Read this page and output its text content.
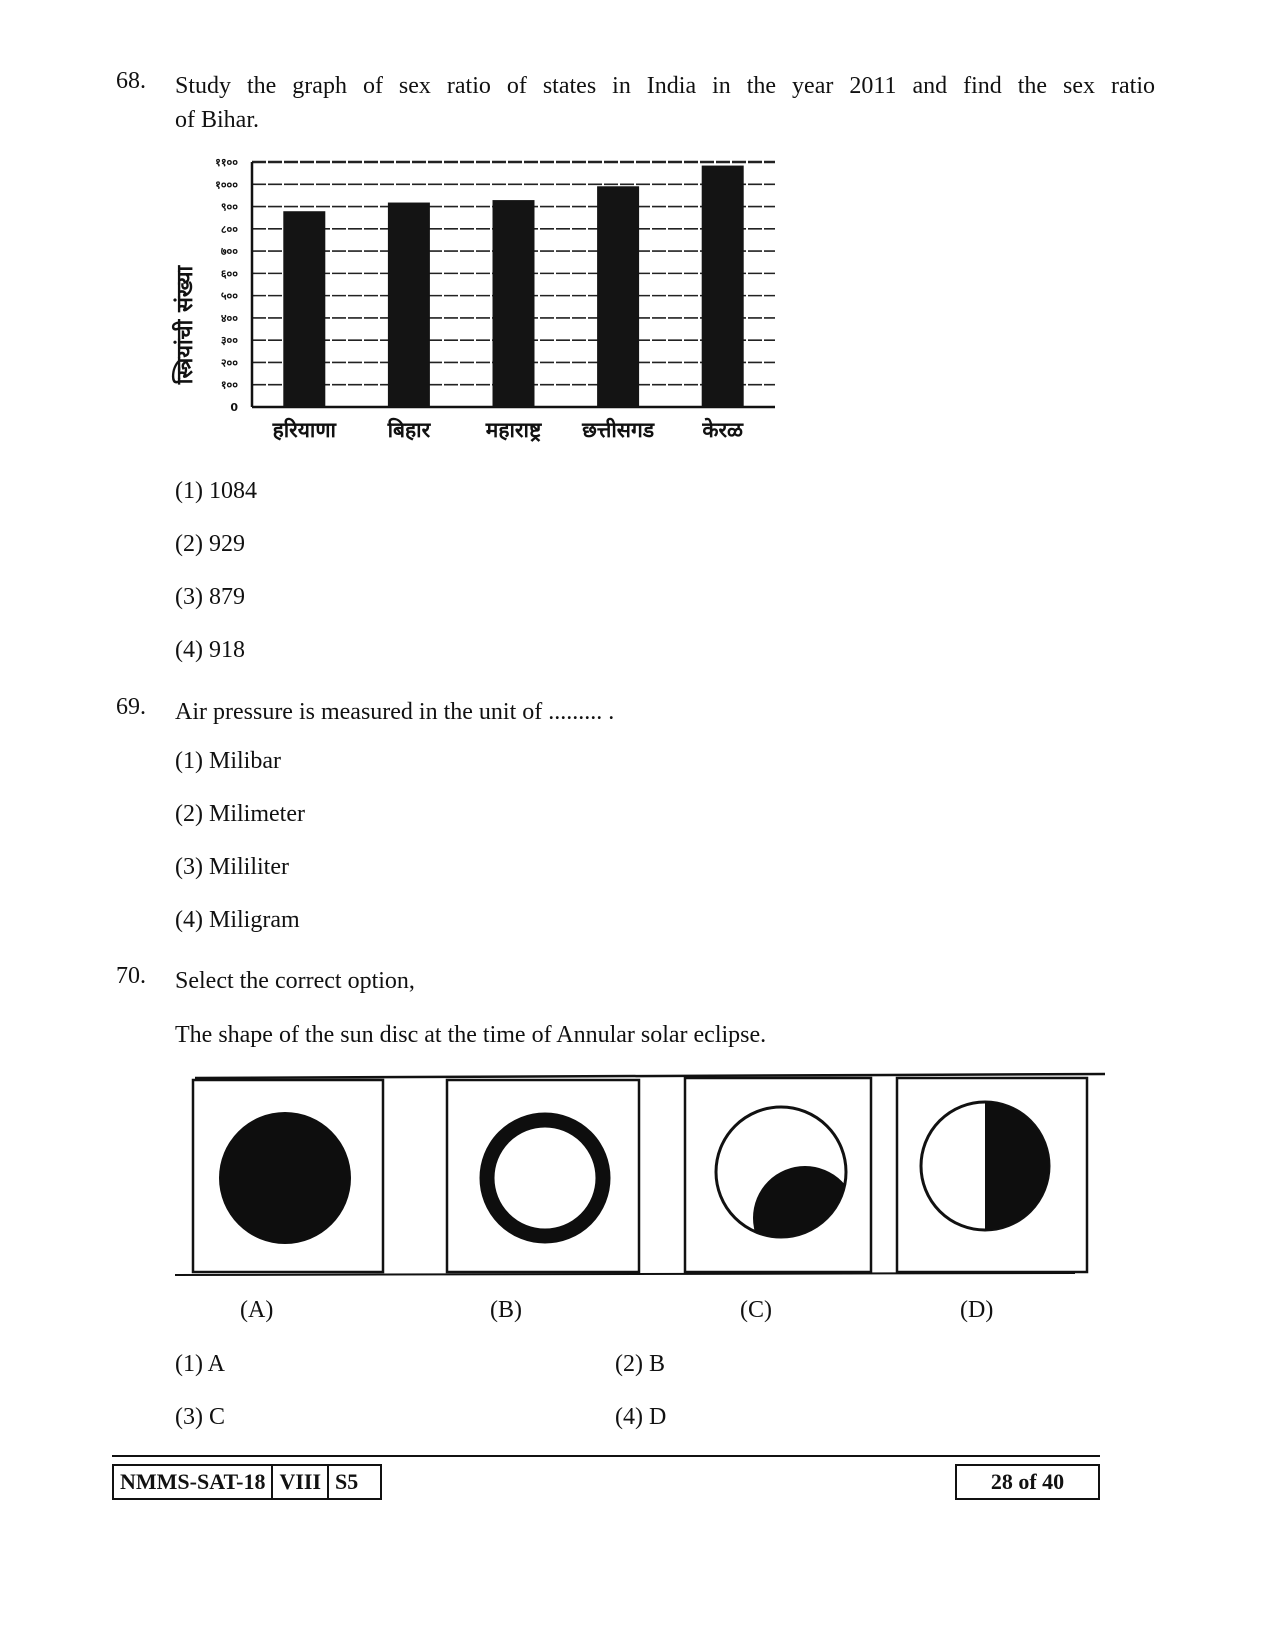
68. Study the graph of sex ratio of states in India in the year 2011 and find the sex ratio
of Bihar.
0
१००
२००
३००
४००
५००
६००
७००
८००
९००
१०००
११००
हरियाणा बिहार	महाराष्ट्र छत्तीसगड केरळ
स्त्रियांची संख्या
(1) 1084
(2) 929
(3) 879
(4) 918
69. Air pressure is measured in the unit of ......... .
(1) Milibar
(2) Milimeter
(3) Mililiter
(4) Miligram
70. Select the correct option,
The shape of the sun disc at the time of Annular solar eclipse.
(A)	(B)	(C)	(D)
(1) A	(2) B
(3) C	(4) D
NMMS-SAT-18 VIII S5	28 of 40
